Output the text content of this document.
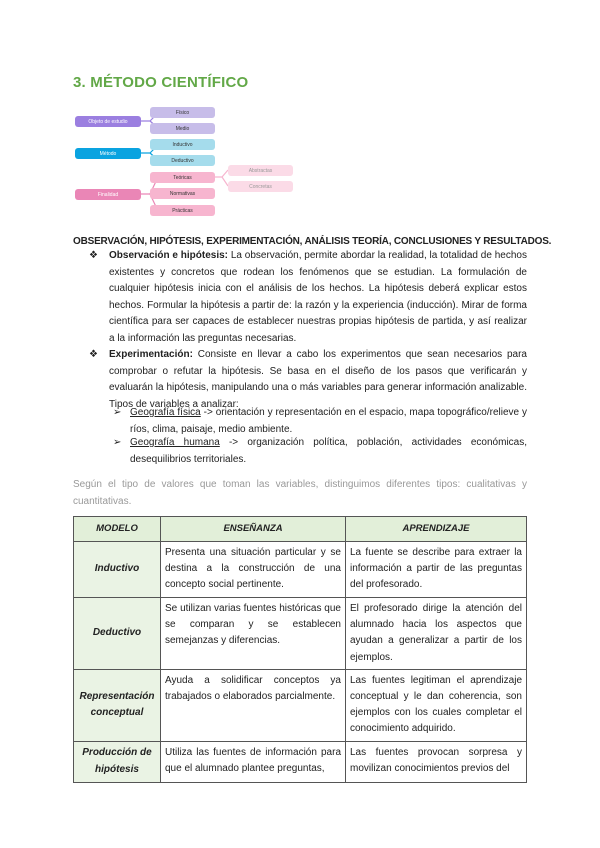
3. MÉTODO CIENTÍFICO
Objeto de estudio
Físico
Medio
Método
Inductivo
Deductivo
Finalidad
Teóricas
Normativas
Prácticas
Abstractas
Concretas
OBSERVACIÓN, HIPÓTESIS, EXPERIMENTACIÓN, ANÁLISIS TEORÍA, CONCLUSIONES Y RESULTADOS.
❖	Observación e hipótesis: La observación, permite abordar la realidad, la totalidad de hechos existentes y concretos que rodean los fenómenos que se estudian. La formulación de cualquier hipótesis inicia con el análisis de los hechos. La hipótesis deberá explicar estos hechos. Formular la hipótesis a partir de: la razón y la experiencia (inducción). Mirar de forma científica para ser capaces de establecer nuestras propias hipótesis de partida, y así realizar a la información las preguntas necesarias.
❖	Experimentación: Consiste en llevar a cabo los experimentos que sean necesarios para comprobar o refutar la hipótesis. Se basa en el diseño de los pasos que verificarán y evaluarán la hipótesis, manipulando una o más variables para generar información analizable. Tipos de variables a analizar:
➢ Geografía física -> orientación y representación en el espacio, mapa topográfico/relieve y ríos, clima, paisaje, medio ambiente.
➢ Geografía humana -> organización política, población, actividades económicas, desequilibrios territoriales.
Según el tipo de valores que toman las variables, distinguimos diferentes tipos: cualitativas y cuantitativas.
MODELO	ENSEÑANZA	APRENDIZAJE
Inductivo	Presenta una situación particular y se destina a la construcción de una concepto social pertinente.	La fuente se describe para extraer la información a partir de las preguntas del profesorado.
Deductivo	Se utilizan varias fuentes históricas que se comparan y se establecen semejanzas y diferencias.	El profesorado dirige la atención del alumnado hacia los aspectos que ayudan a generalizar a partir de los ejemplos.
Representación conceptual	Ayuda a solidificar conceptos ya trabajados o elaborados parcialmente.	Las fuentes legitiman el aprendizaje conceptual y le dan coherencia, son ejemplos con los cuales completar el conocimiento adquirido.
Producción de hipótesis	Utiliza las fuentes de información para que el alumnado plantee preguntas,	Las fuentes provocan sorpresa y movilizan conocimientos previos del
